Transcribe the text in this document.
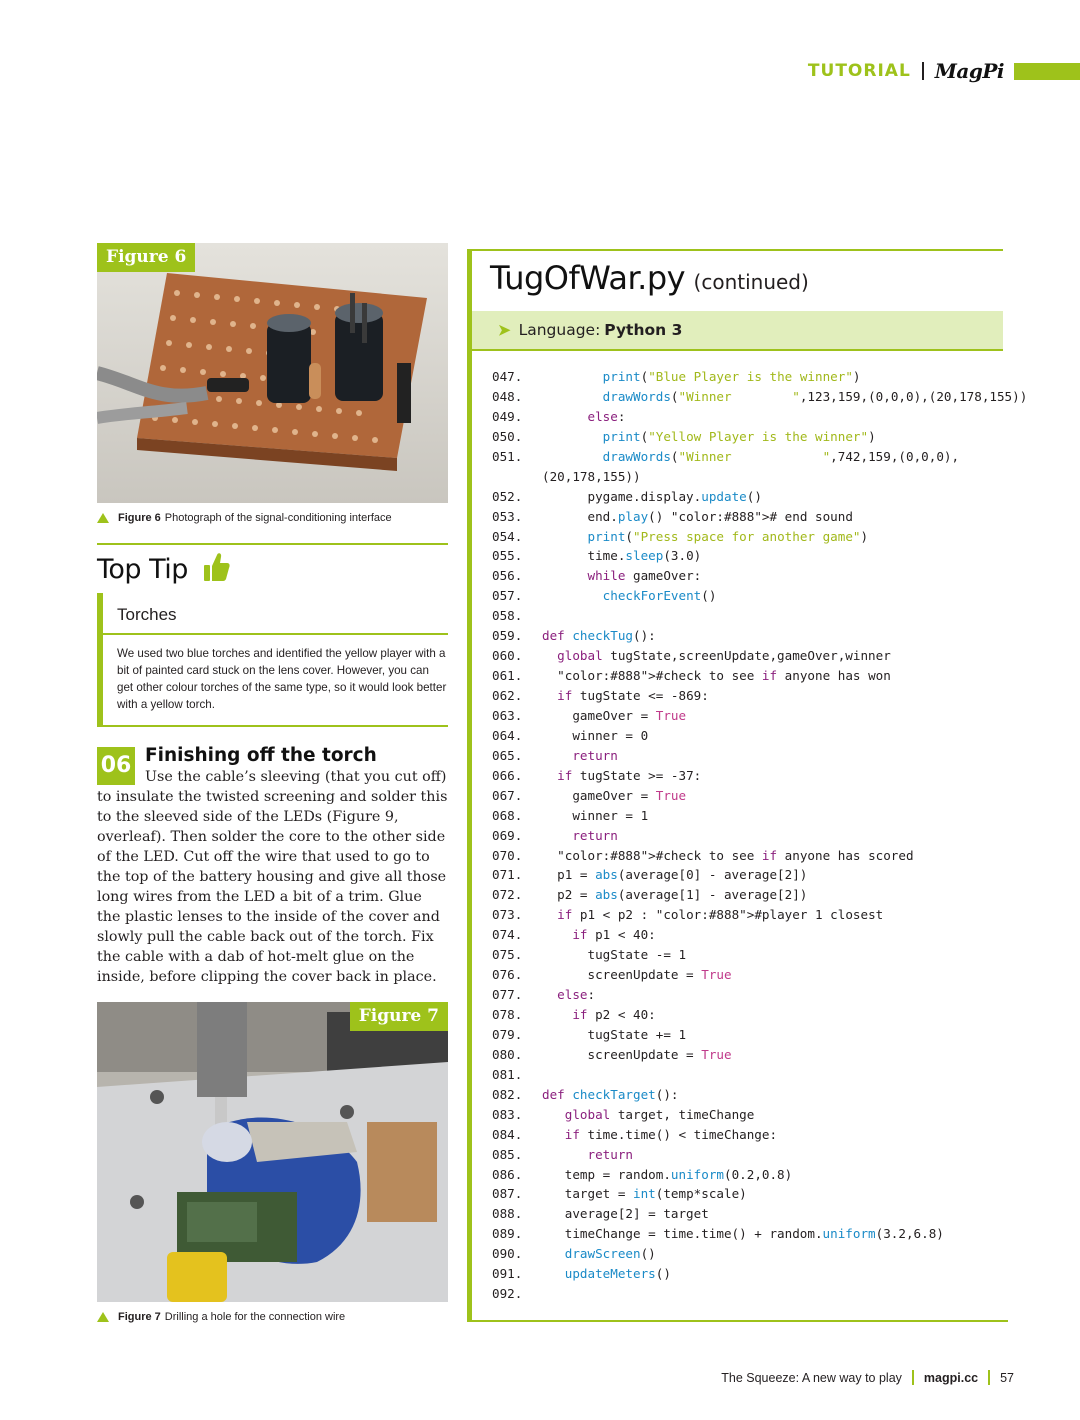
TUTORIAL MagPi
Figure 6
Figure 6 Photograph of the signal-conditioning interface
Top Tip
Torches
We used two blue torches and identified the yellow player with a bit of painted card stuck on the lens cover. However, you can get other colour torches of the same type, so it would look better with a yellow torch.
06 Finishing off the torch

Use the cable’s sleeving (that you cut off) to insulate the twisted screening and solder this to the sleeved side of the LEDs (Figure 9, overleaf). Then solder the core to the other side of the LED. Cut off the wire that used to go to the top of the battery housing and give all those long wires from the LED a bit of a trim. Glue the plastic lenses to the inside of the cover and slowly pull the cable back out of the torch. Fix the cable with a dab of hot-melt glue on the inside, before clipping the cover back in place.

Figure 7
Figure 7 Drilling a hole for the connection wire
TugOfWar.py (continued)
➤ Language: Python 3
047.	print("Blue Player is the winner")
048.	drawWords("Winner        ",123,159,(0,0,0),(20,178,155))
049.	else:
050.	print("Yellow Player is the winner")
051.	drawWords("Winner            ",742,159,(0,0,0),
(20,178,155))
052. pygame.display.update()
053. end.play() "color:#888"># end sound
054.	print("Press space for another game")
055. time.sleep(3.0)
056.	while gameOver:
057.	checkForEvent()
058.
059. def checkTug():
060.	global tugState,screenUpdate,gameOver,winner
061.	"color:#888">#check to see if anyone has won
062.	if tugState <= -869:
063. gameOver = True
064. winner = 0
065.	return
066.	if tugState >= -37:
067. gameOver = True
068. winner = 1
069.	return
070.	"color:#888">#check to see if anyone has scored
071. p1 = abs(average[0] - average[2])
072. p2 = abs(average[1] - average[2])
073.	if p1 < p2 : "color:#888">#player 1 closest
074.	if p1 < 40:
075. tugState -= 1
076. screenUpdate = True
077.	else:
078.	if p2 < 40:
079. tugState += 1
080. screenUpdate = True
081.
082. def checkTarget():
083.	global target, timeChange
084.	if time.time() < timeChange:
085.	return
086. temp = random.uniform(0.2,0.8)
087. target = int(temp*scale)
088. average[2] = target
089. timeChange = time.time() + random.uniform(3.2,6.8)
090.	drawScreen()
091.	updateMeters()
092.
The Squeeze: A new way to play magpi.cc 57
